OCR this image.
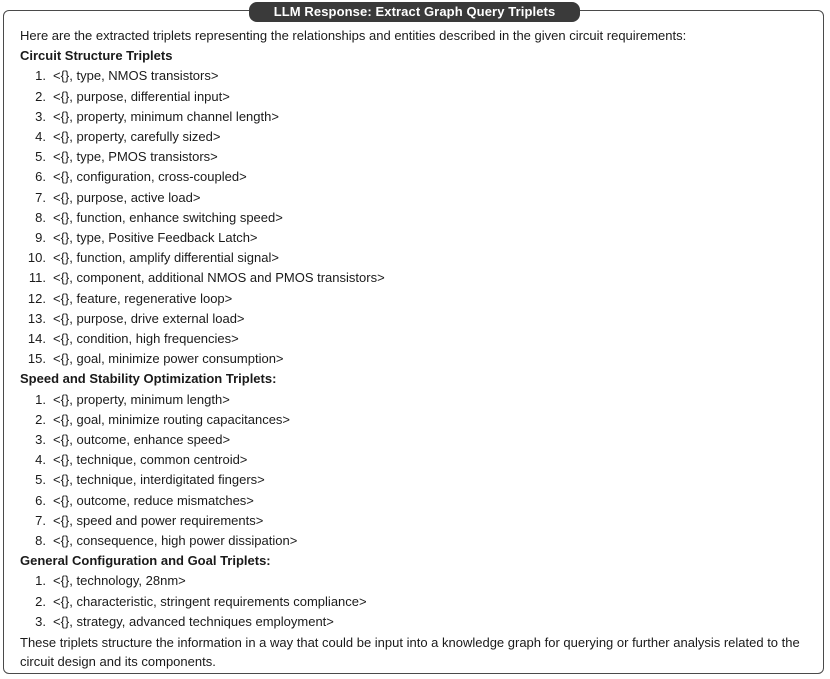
LLM Response: Extract Graph Query Triplets
Here are the extracted triplets representing the relationships and entities described in the given circuit requirements:
Circuit Structure Triplets
1. <{}, type, NMOS transistors>
2. <{}, purpose, differential input>
3. <{}, property, minimum channel length>
4. <{}, property, carefully sized>
5. <{}, type, PMOS transistors>
6. <{}, configuration, cross-coupled>
7. <{}, purpose, active load>
8. <{}, function, enhance switching speed>
9. <{}, type, Positive Feedback Latch>
10. <{}, function, amplify differential signal>
11. <{}, component, additional NMOS and PMOS transistors>
12. <{}, feature, regenerative loop>
13. <{}, purpose, drive external load>
14. <{}, condition, high frequencies>
15. <{}, goal, minimize power consumption>
Speed and Stability Optimization Triplets:
1. <{}, property, minimum length>
2. <{}, goal, minimize routing capacitances>
3. <{}, outcome, enhance speed>
4. <{}, technique, common centroid>
5. <{}, technique, interdigitated fingers>
6. <{}, outcome, reduce mismatches>
7. <{}, speed and power requirements>
8. <{}, consequence, high power dissipation>
General Configuration and Goal Triplets:
1. <{}, technology, 28nm>
2. <{}, characteristic, stringent requirements compliance>
3. <{}, strategy, advanced techniques employment>
These triplets structure the information in a way that could be input into a knowledge graph for querying or further analysis related to the circuit design and its components.
